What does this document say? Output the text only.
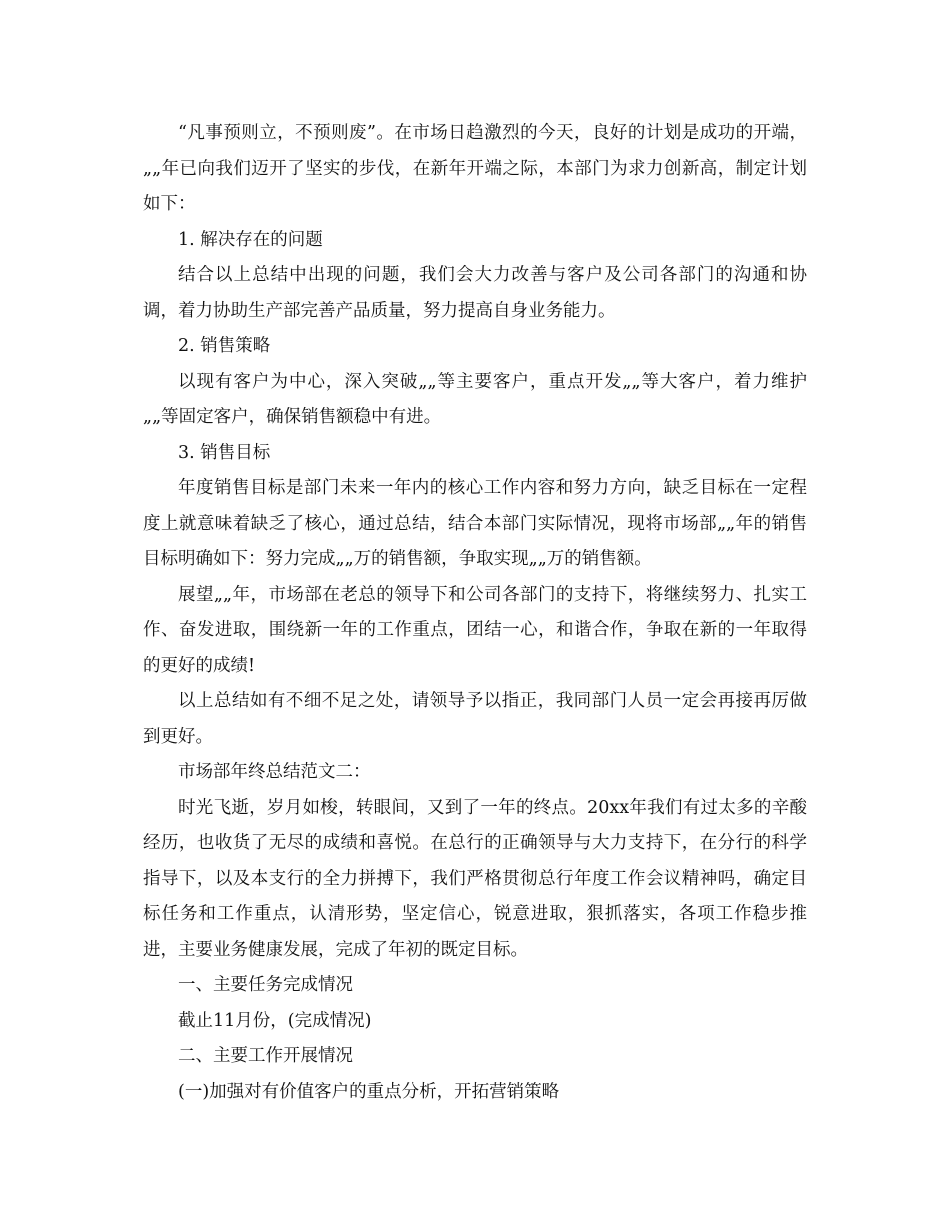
“凡事预则立，不预则废”。在市场日趋激烈的今天，良好的计划是成功的开端，„„年已向我们迈开了坚实的步伐，在新年开端之际，本部门为求力创新高，制定计划如下：

1. 解决存在的问题

结合以上总结中出现的问题，我们会大力改善与客户及公司各部门的沟通和协调，着力协助生产部完善产品质量，努力提高自身业务能力。

2. 销售策略

以现有客户为中心，深入突破„„等主要客户，重点开发„„等大客户，着力维护„„等固定客户，确保销售额稳中有进。

3. 销售目标

年度销售目标是部门未来一年内的核心工作内容和努力方向，缺乏目标在一定程度上就意味着缺乏了核心，通过总结，结合本部门实际情况，现将市场部„„年的销售目标明确如下：努力完成„„万的销售额，争取实现„„万的销售额。

展望„„年，市场部在老总的领导下和公司各部门的支持下，将继续努力、扎实工作、奋发进取，围绕新一年的工作重点，团结一心，和谐合作，争取在新的一年取得的更好的成绩!

以上总结如有不细不足之处，请领导予以指正，我同部门人员一定会再接再厉做到更好。

市场部年终总结范文二：

时光飞逝，岁月如梭，转眼间，又到了一年的终点。20xx年我们有过太多的辛酸经历，也收货了无尽的成绩和喜悦。在总行的正确领导与大力支持下，在分行的科学指导下，以及本支行的全力拼搏下，我们严格贯彻总行年度工作会议精神吗，确定目标任务和工作重点，认清形势，坚定信心，锐意进取，狠抓落实，各项工作稳步推进，主要业务健康发展，完成了年初的既定目标。

一、主要任务完成情况

截止11月份，(完成情况)

二、主要工作开展情况

(一)加强对有价值客户的重点分析，开拓营销策略
